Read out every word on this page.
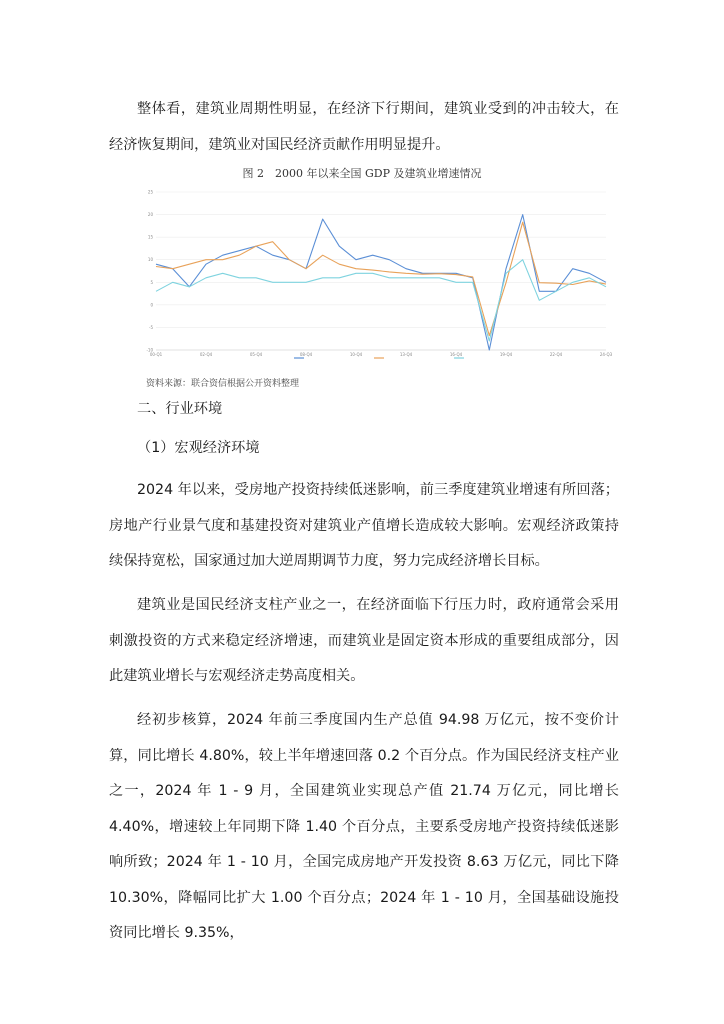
整体看，建筑业周期性明显，在经济下行期间，建筑业受到的冲击较大，在经济恢复期间，建筑业对国民经济贡献作用明显提升。

图 2　2000 年以来全国 GDP 及建筑业增速情况
-10
-5
0
5
10
15
20
25
00-Q1	02-Q4	05-Q4	08-Q4	10-Q4	13-Q4	16-Q4	19-Q4	22-Q4	24-Q3
资料来源：联合资信根据公开资料整理

二、行业环境

（1）宏观经济环境

2024 年以来，受房地产投资持续低迷影响，前三季度建筑业增速有所回落；房地产行业景气度和基建投资对建筑业产值增长造成较大影响。宏观经济政策持续保持宽松，国家通过加大逆周期调节力度，努力完成经济增长目标。

建筑业是国民经济支柱产业之一，在经济面临下行压力时，政府通常会采用刺激投资的方式来稳定经济增速，而建筑业是固定资本形成的重要组成部分，因此建筑业增长与宏观经济走势高度相关。

经初步核算，2024 年前三季度国内生产总值 94.98 万亿元，按不变价计算，同比增长 4.80%，较上半年增速回落 0.2 个百分点。作为国民经济支柱产业之一，2024 年 1 - 9 月，全国建筑业实现总产值 21.74 万亿元，同比增长 4.40%，增速较上年同期下降 1.40 个百分点，主要系受房地产投资持续低迷影响所致；2024 年 1 - 10 月，全国完成房地产开发投资 8.63 万亿元，同比下降 10.30%，降幅同比扩大 1.00 个百分点；2024 年 1 - 10 月，全国基础设施投资同比增长 9.35%，
